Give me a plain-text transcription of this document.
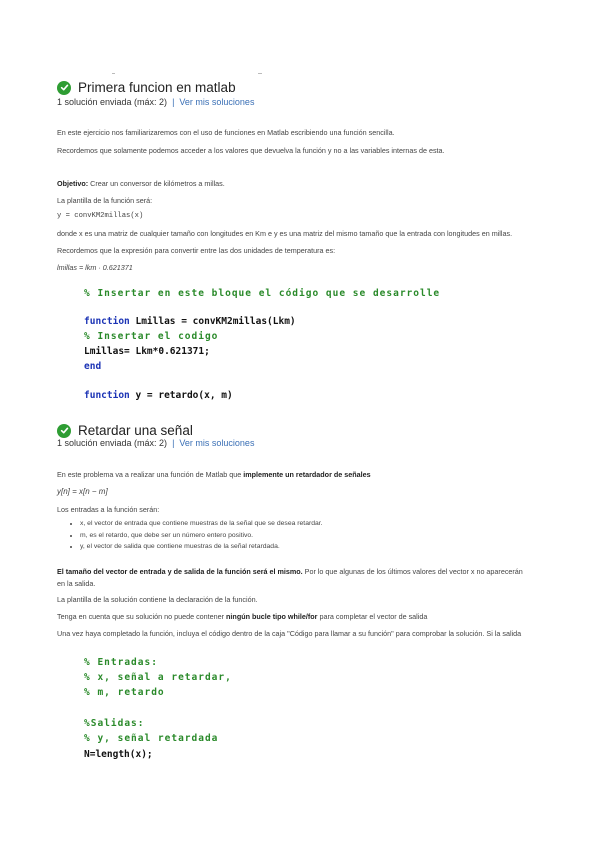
Primera funcion en matlab
1 solución enviada (máx: 2) | Ver mis soluciones
En este ejercicio nos familiarizaremos con el uso de funciones en Matlab escribiendo una función sencilla.
Recordemos que solamente podemos acceder a los valores que devuelva la función y no a las variables internas de esta.
Objetivo: Crear un conversor de kilómetros a millas.
La plantilla de la función será:
y = convKM2millas(x)
donde x es una matriz de cualquier tamaño con longitudes en Km e y es una matriz del mismo tamaño que la entrada con longitudes en millas.
Recordemos que la expresión para convertir entre las dos unidades de temperatura es:
lmillas = lkm · 0.621371
% Insertar en este bloque el código que se desarrolle
function Lmillas = convKM2millas(Lkm)
% Insertar el codigo
Lmillas= Lkm*0.621371;
end
function y = retardo(x, m)
Retardar una señal
1 solución enviada (máx: 2) | Ver mis soluciones
En este problema va a realizar una función de Matlab que implemente un retardador de señales
y[n] = x[n − m]
Los entradas a la función serán:
• x, el vector de entrada que contiene muestras de la señal que se desea retardar.
• m, es el retardo, que debe ser un número entero positivo.
• y, el vector de salida que contiene muestras de la señal retardada.
El tamaño del vector de entrada y de salida de la función será el mismo. Por lo que algunas de los últimos valores del vector x no aparecerán
en la salida.
La plantilla de la solución contiene la declaración de la función.
Tenga en cuenta que su solución no puede contener ningún bucle tipo while/for para completar el vector de salida
Una vez haya completado la función, incluya el código dentro de la caja "Código para llamar a su función" para comprobar la solución. Si la salida
% Entradas:
% x, señal a retardar,
% m, retardo
%Salidas:
% y, señal retardada
N=length(x);
